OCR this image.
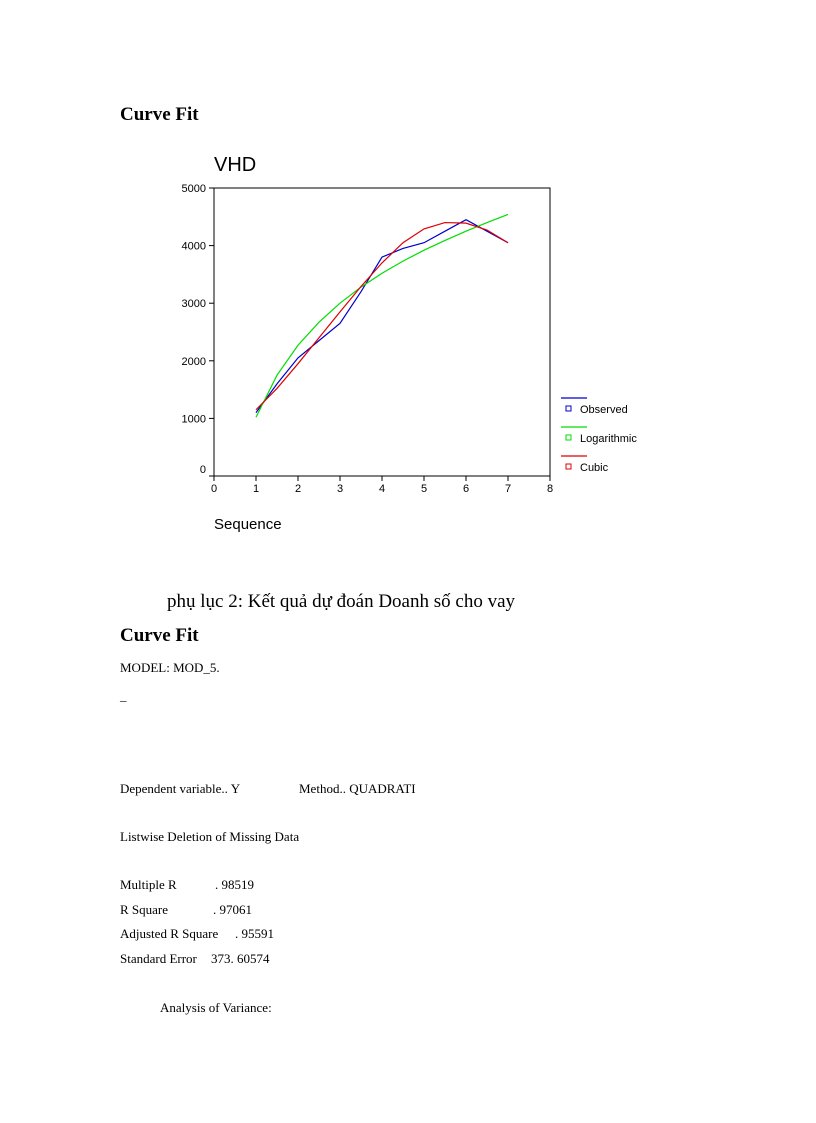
Curve Fit
VHD
0
1000
2000
3000
4000
5000
0	1	2	3	4	5	6	7	8
Observed
Logarithmic
Cubic
Sequence
phụ lục 2: Kết quả dự đoán Doanh số cho vay
Curve Fit
MODEL: MOD_5.
_
Dependent variable.. Y	Method.. QUADRATI
Listwise Deletion of Missing Data
Multiple R	. 98519
R Square	. 97061
Adjusted R Square . 95591
Standard Error 373. 60574
Analysis of Variance:
